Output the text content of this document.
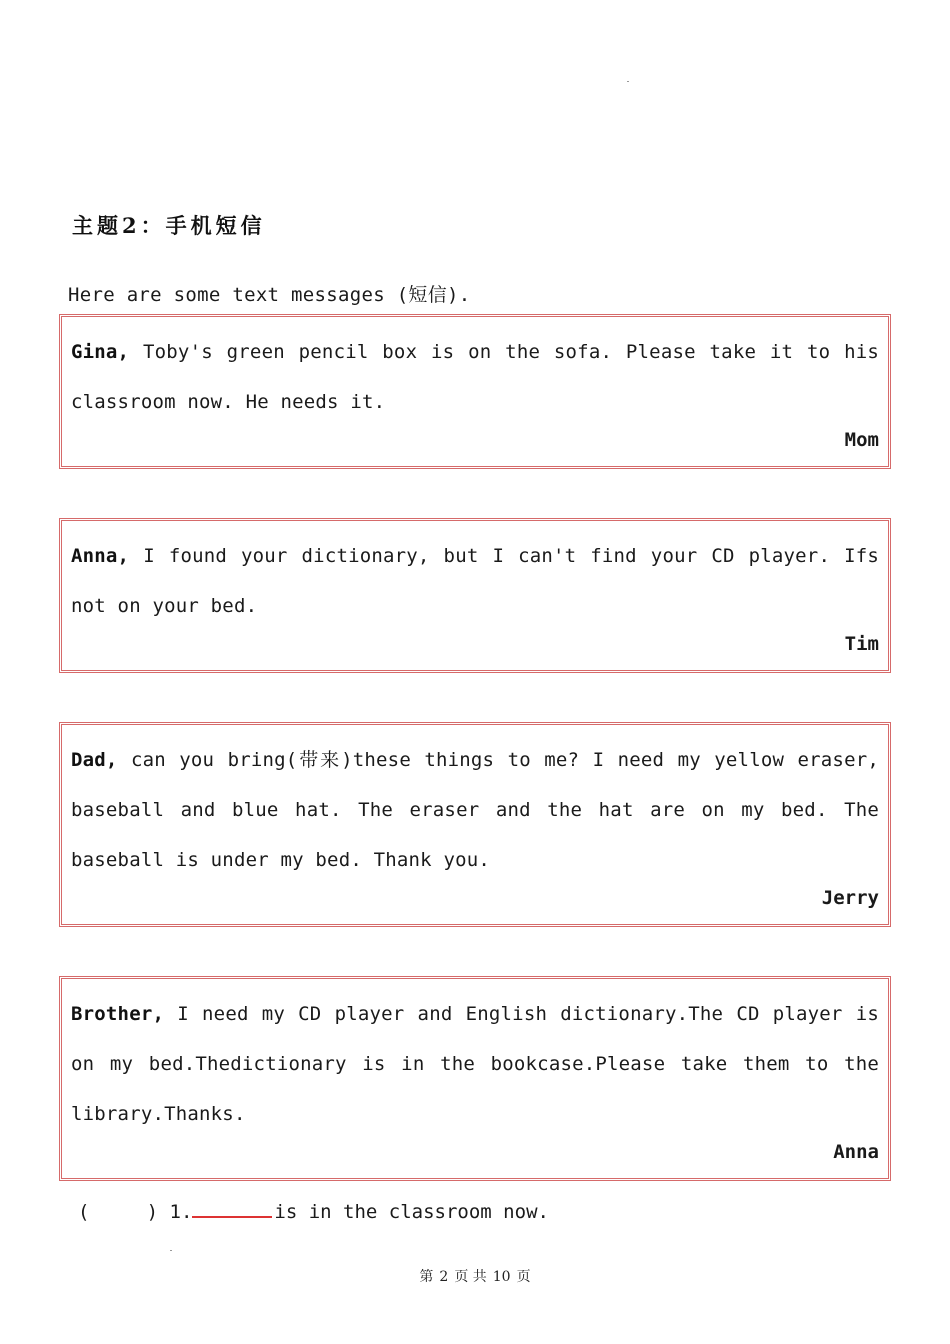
主题2：手机短信
Here are some text messages (短信).

Gina, Toby's green pencil box is on the sofa. Please take it to his classroom now. He needs it.

Mom

Anna, I found your dictionary, but I can't find your CD player. Ifs not on your bed.

Tim

Dad, can you bring(带来)these things to me? I need my yellow eraser, baseball and blue hat. The eraser and the hat are on my bed. The baseball is under my bed. Thank you.

Jerry

Brother, I need my CD player and English dictionary.The CD player is on my bed.Thedictionary is in the bookcase.Please take them to the library.Thanks.

Anna
(     ) 1.	is in the classroom now.
第 2 页 共 10 页
